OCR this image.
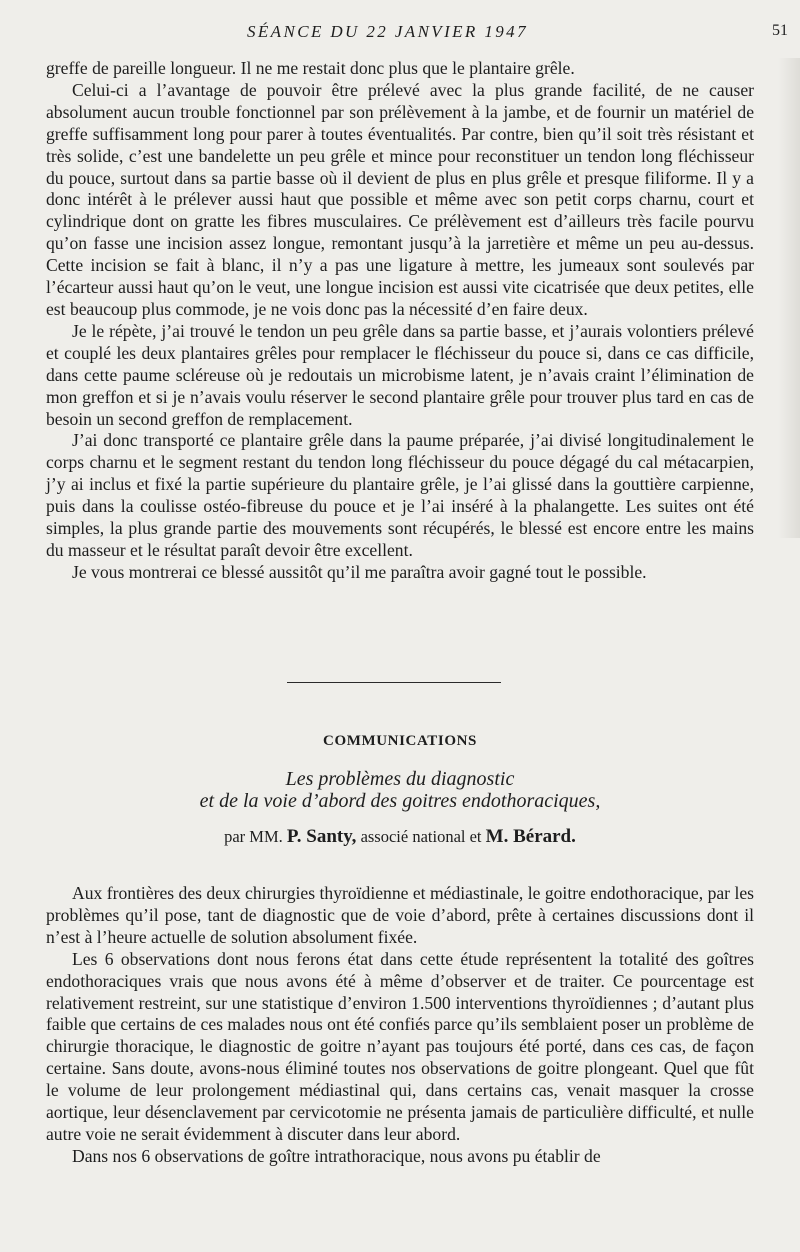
SÉANCE DU 22 JANVIER 1947	51

greffe de pareille longueur. Il ne me restait donc plus que le plantaire grêle.

Celui-ci a l’avantage de pouvoir être prélevé avec la plus grande facilité, de ne causer absolument aucun trouble fonctionnel par son prélèvement à la jambe, et de fournir un matériel de greffe suffisamment long pour parer à toutes éventualités. Par contre, bien qu’il soit très résistant et très solide, c’est une bandelette un peu grêle et mince pour reconstituer un tendon long fléchisseur du pouce, surtout dans sa partie basse où il devient de plus en plus grêle et presque filiforme. Il y a donc intérêt à le prélever aussi haut que possible et même avec son petit corps charnu, court et cylindrique dont on gratte les fibres musculaires. Ce prélèvement est d’ailleurs très facile pourvu qu’on fasse une incision assez longue, remontant jusqu’à la jarretière et même un peu au-dessus. Cette incision se fait à blanc, il n’y a pas une ligature à mettre, les jumeaux sont soulevés par l’écarteur aussi haut qu’on le veut, une longue incision est aussi vite cicatrisée que deux petites, elle est beaucoup plus commode, je ne vois donc pas la nécessité d’en faire deux.

Je le répète, j’ai trouvé le tendon un peu grêle dans sa partie basse, et j’aurais volontiers prélevé et couplé les deux plantaires grêles pour remplacer le fléchisseur du pouce si, dans ce cas difficile, dans cette paume scléreuse où je redoutais un microbisme latent, je n’avais craint l’élimination de mon greffon et si je n’avais voulu réserver le second plantaire grêle pour trouver plus tard en cas de besoin un second greffon de remplacement.

J’ai donc transporté ce plantaire grêle dans la paume préparée, j’ai divisé longitudinalement le corps charnu et le segment restant du tendon long fléchisseur du pouce dégagé du cal métacarpien, j’y ai inclus et fixé la partie supérieure du plantaire grêle, je l’ai glissé dans la gouttière carpienne, puis dans la coulisse ostéo-fibreuse du pouce et je l’ai inséré à la phalangette. Les suites ont été simples, la plus grande partie des mouvements sont récupérés, le blessé est encore entre les mains du masseur et le résultat paraît devoir être excellent.

Je vous montrerai ce blessé aussitôt qu’il me paraîtra avoir gagné tout le possible.

COMMUNICATIONS
Les problèmes du diagnostic
et de la voie d’abord des goitres endothoraciques,
par MM. P. Santy, associé national et M. Bérard.

Aux frontières des deux chirurgies thyroïdienne et médiastinale, le goitre endothoracique, par les problèmes qu’il pose, tant de diagnostic que de voie d’abord, prête à certaines discussions dont il n’est à l’heure actuelle de solution absolument fixée.

Les 6 observations dont nous ferons état dans cette étude représentent la totalité des goîtres endothoraciques vrais que nous avons été à même d’observer et de traiter. Ce pourcentage est relativement restreint, sur une statistique d’environ 1.500 interventions thyroïdiennes ; d’autant plus faible que certains de ces malades nous ont été confiés parce qu’ils semblaient poser un problème de chirurgie thoracique, le diagnostic de goitre n’ayant pas toujours été porté, dans ces cas, de façon certaine. Sans doute, avons-nous éliminé toutes nos observations de goitre plongeant. Quel que fût le volume de leur prolongement médiastinal qui, dans certains cas, venait masquer la crosse aortique, leur désenclavement par cervicotomie ne présenta jamais de particulière difficulté, et nulle autre voie ne serait évidemment à discuter dans leur abord.

Dans nos 6 observations de goître intrathoracique, nous avons pu établir de
